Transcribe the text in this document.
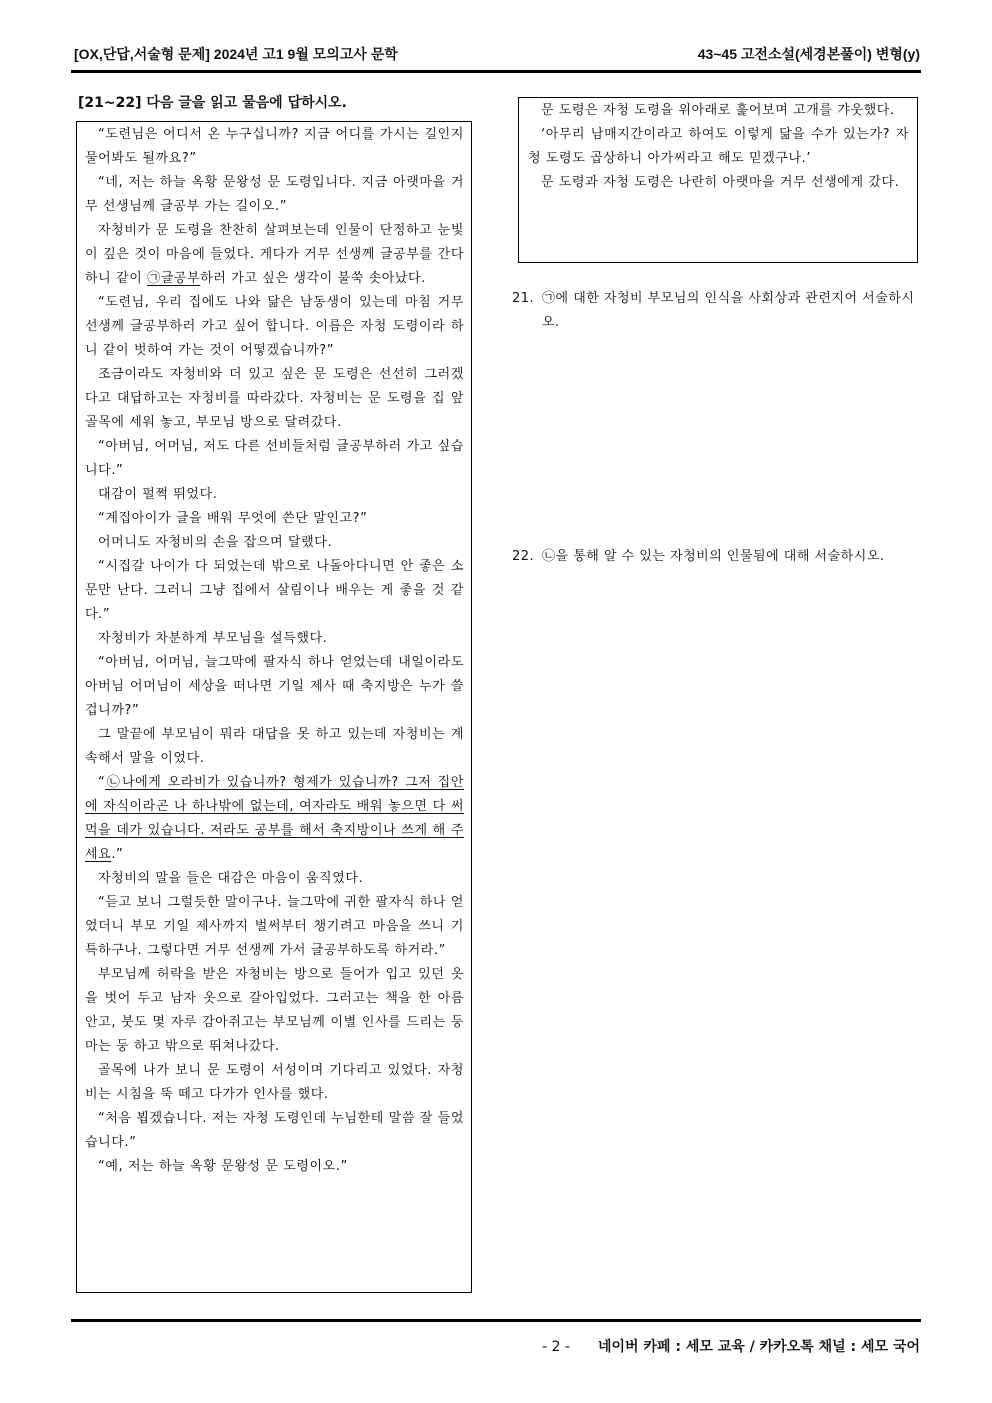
[OX,단답,서술형 문제] 2024년 고1 9월 모의고사 문학	43~45 고전소설(세경본풀이) 변형(y)
[21~22] 다음 글을 읽고 물음에 답하시오.

“도련님은 어디서 온 누구십니까? 지금 어디를 가시는 길인지 물어봐도 될까요?”

“네, 저는 하늘 옥황 문왕성 문 도령입니다. 지금 아랫마을 거무 선생님께 글공부 가는 길이오.”

자청비가 문 도령을 찬찬히 살펴보는데 인물이 단정하고 눈빛이 깊은 것이 마음에 들었다. 게다가 거무 선생께 글공부를 간다 하니 같이 ㉠글공부하러 가고 싶은 생각이 불쑥 솟아났다.

“도련님, 우리 집에도 나와 닮은 남동생이 있는데 마침 거무 선생께 글공부하러 가고 싶어 합니다. 이름은 자청 도령이라 하니 같이 벗하여 가는 것이 어떻겠습니까?”

조금이라도 자청비와 더 있고 싶은 문 도령은 선선히 그러겠다고 대답하고는 자청비를 따라갔다. 자청비는 문 도령을 집 앞 골목에 세워 놓고, 부모님 방으로 달려갔다.

“아버님, 어머님, 저도 다른 선비들처럼 글공부하러 가고 싶습니다.”

대감이 펄쩍 뛰었다.

“계집아이가 글을 배워 무엇에 쓴단 말인고?”

어머니도 자청비의 손을 잡으며 달랬다.

“시집갈 나이가 다 되었는데 밖으로 나돌아다니면 안 좋은 소문만 난다. 그러니 그냥 집에서 살림이나 배우는 게 좋을 것 같다.”

자청비가 차분하게 부모님을 설득했다.

“아버님, 어머님, 늘그막에 팔자식 하나 얻었는데 내일이라도 아버님 어머님이 세상을 떠나면 기일 제사 때 축지방은 누가 쓸 겁니까?”

그 말끝에 부모님이 뭐라 대답을 못 하고 있는데 자청비는 계속해서 말을 이었다.

“㉡나에게 오라비가 있습니까? 형제가 있습니까? 그저 집안에 자식이라곤 나 하나밖에 없는데, 여자라도 배워 놓으면 다 써먹을 데가 있습니다. 저라도 공부를 해서 축지방이나 쓰게 해 주세요.”

자청비의 말을 들은 대감은 마음이 움직였다.

“듣고 보니 그럴듯한 말이구나. 늘그막에 귀한 팔자식 하나 얻었더니 부모 기일 제사까지 벌써부터 챙기려고 마음을 쓰니 기특하구나. 그렇다면 거무 선생께 가서 글공부하도록 하거라.”

부모님께 허락을 받은 자청비는 방으로 들어가 입고 있던 옷을 벗어 두고 남자 옷으로 갈아입었다. 그러고는 책을 한 아름 안고, 붓도 몇 자루 감아쥐고는 부모님께 이별 인사를 드리는 둥 마는 둥 하고 밖으로 뛰쳐나갔다.

골목에 나가 보니 문 도령이 서성이며 기다리고 있었다. 자청비는 시침을 뚝 떼고 다가가 인사를 했다.

“처음 뵙겠습니다. 저는 자청 도령인데 누님한테 말씀 잘 들었습니다.”

“예, 저는 하늘 옥황 문왕성 문 도령이오.”

문 도령은 자청 도령을 위아래로 훑어보며 고개를 갸웃했다.

‘아무리 남매지간이라고 하여도 이렇게 닮을 수가 있는가? 자청 도령도 곱상하니 아가씨라고 해도 믿겠구나.’

문 도령과 자청 도령은 나란히 아랫마을 거무 선생에게 갔다.

21. ㉠에 대한 자청비 부모님의 인식을 사회상과 관련지어 서술하시오.
22. ㉡을 통해 알 수 있는 자청비의 인물됨에 대해 서술하시오.
- 2 - 네이버 카페 : 세모 교육 / 카카오톡 채널 : 세모 국어
